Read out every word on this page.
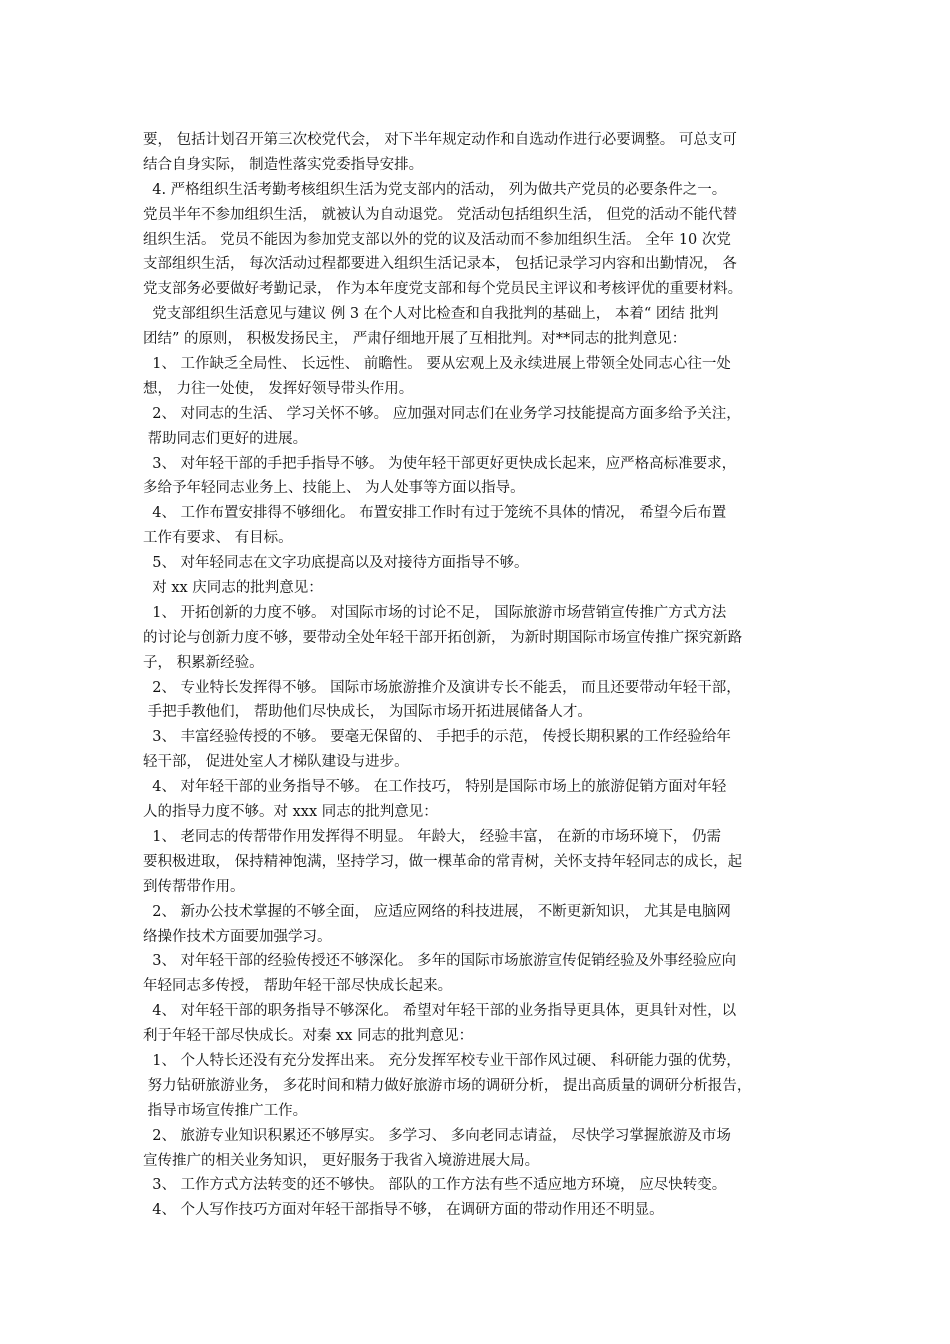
要， 包括计划召开第三次校党代会， 对下半年规定动作和自选动作进行必要调整。 可总支可
结合自身实际， 制造性落实党委指导安排。
4. 严格组织生活考勤考核组织生活为党支部内的活动， 列为做共产党员的必要条件之一。
党员半年不参加组织生活， 就被认为自动退党。 党活动包括组织生活， 但党的活动不能代替
组织生活。 党员不能因为参加党支部以外的党的议及活动而不参加组织生活。 全年 10 次党
支部组织生活， 每次活动过程都要进入组织生活记录本， 包括记录学习内容和出勤情况， 各
党支部务必要做好考勤记录， 作为本年度党支部和每个党员民主评议和考核评优的重要材料。
党支部组织生活意见与建议 例 3 在个人对比检查和自我批判的基础上， 本着“ 团结 批判
团结” 的原则， 积极发扬民主， 严肃仔细地开展了互相批判。对**同志的批判意见：
1、 工作缺乏全局性、 长远性、 前瞻性。 要从宏观上及永续进展上带领全处同志心往一处
想， 力往一处使， 发挥好领导带头作用。
2、 对同志的生活、 学习关怀不够。 应加强对同志们在业务学习技能提高方面多给予关注，
帮助同志们更好的进展。
3、 对年轻干部的手把手指导不够。 为使年轻干部更好更快成长起来，应严格高标准要求，
多给予年轻同志业务上、技能上、 为人处事等方面以指导。
4、 工作布置安排得不够细化。 布置安排工作时有过于笼统不具体的情况， 希望今后布置
工作有要求、 有目标。
5、 对年轻同志在文字功底提高以及对接待方面指导不够。
对 xx 庆同志的批判意见：
1、 开拓创新的力度不够。 对国际市场的讨论不足， 国际旅游市场营销宣传推广方式方法
的讨论与创新力度不够，要带动全处年轻干部开拓创新， 为新时期国际市场宣传推广探究新路
子， 积累新经验。
2、 专业特长发挥得不够。 国际市场旅游推介及演讲专长不能丢， 而且还要带动年轻干部，
手把手教他们， 帮助他们尽快成长， 为国际市场开拓进展储备人才。
3、 丰富经验传授的不够。 要毫无保留的、 手把手的示范， 传授长期积累的工作经验给年
轻干部， 促进处室人才梯队建设与进步。
4、 对年轻干部的业务指导不够。 在工作技巧， 特别是国际市场上的旅游促销方面对年轻
人的指导力度不够。对 xxx 同志的批判意见：
1、 老同志的传帮带作用发挥得不明显。 年龄大， 经验丰富， 在新的市场环境下， 仍需
要积极进取， 保持精神饱满，坚持学习，做一棵革命的常青树，关怀支持年轻同志的成长，起
到传帮带作用。
2、 新办公技术掌握的不够全面， 应适应网络的科技进展， 不断更新知识， 尤其是电脑网
络操作技术方面要加强学习。
3、 对年轻干部的经验传授还不够深化。 多年的国际市场旅游宣传促销经验及外事经验应向
年轻同志多传授， 帮助年轻干部尽快成长起来。
4、 对年轻干部的职务指导不够深化。 希望对年轻干部的业务指导更具体，更具针对性，以
利于年轻干部尽快成长。对秦 xx 同志的批判意见：
1、 个人特长还没有充分发挥出来。 充分发挥军校专业干部作风过硬、 科研能力强的优势，
努力钻研旅游业务， 多花时间和精力做好旅游市场的调研分析， 提出高质量的调研分析报告，
指导市场宣传推广工作。
2、 旅游专业知识积累还不够厚实。 多学习、 多向老同志请益， 尽快学习掌握旅游及市场
宣传推广的相关业务知识， 更好服务于我省入境游进展大局。
3、 工作方式方法转变的还不够快。 部队的工作方法有些不适应地方环境， 应尽快转变。
4、 个人写作技巧方面对年轻干部指导不够， 在调研方面的带动作用还不明显。
